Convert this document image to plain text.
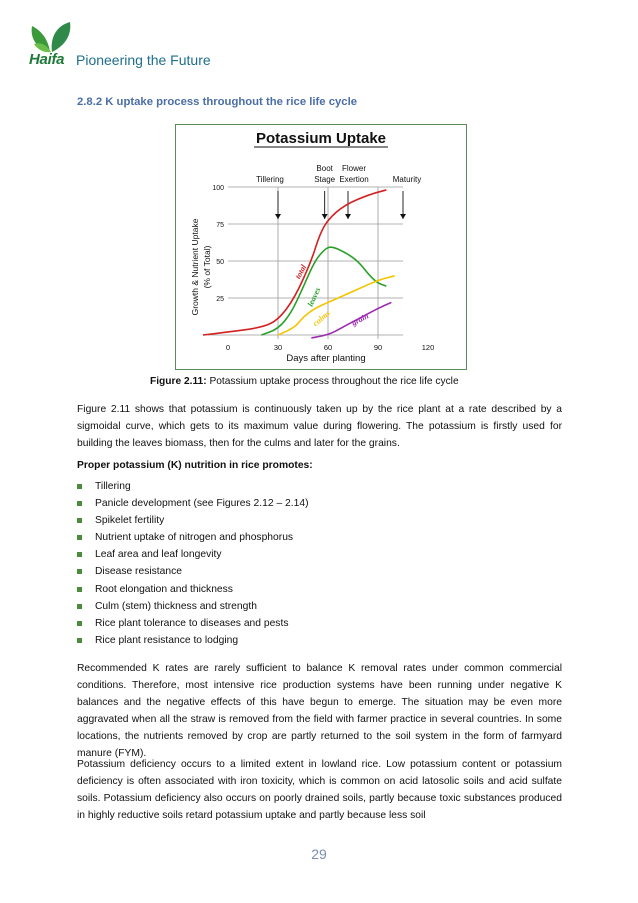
Haifa Pioneering the Future
2.8.2 K uptake process throughout the rice life cycle
Potassium Uptake
Tillering
Boot
Stage
Flower
Exertion	Maturity
total
leaves
culms grain
25
50
75
100
0	30	60	90	120
Days after planting
Growth & Nutrient Uptake (% of Total)
Figure 2.11: Potassium uptake process throughout the rice life cycle
Figure 2.11 shows that potassium is continuously taken up by the rice plant at a rate described by a sigmoidal curve, which gets to its maximum value during flowering. The potassium is firstly used for building the leaves biomass, then for the culms and later for the grains.
Proper potassium (K) nutrition in rice promotes:
Tillering
Panicle development (see Figures 2.12 – 2.14)
Spikelet fertility
Nutrient uptake of nitrogen and phosphorus
Leaf area and leaf longevity
Disease resistance
Root elongation and thickness
Culm (stem) thickness and strength
Rice plant tolerance to diseases and pests
Rice plant resistance to lodging
Recommended K rates are rarely sufficient to balance K removal rates under common commercial conditions. Therefore, most intensive rice production systems have been running under negative K balances and the negative effects of this have begun to emerge. The situation may be even more aggravated when all the straw is removed from the field with farmer practice in several countries. In some locations, the nutrients removed by crop are partly returned to the soil system in the form of farmyard manure (FYM).
Potassium deficiency occurs to a limited extent in lowland rice. Low potassium content or potassium deficiency is often associated with iron toxicity, which is common on acid latosolic soils and acid sulfate soils. Potassium deficiency also occurs on poorly drained soils, partly because toxic substances produced in highly reductive soils retard potassium uptake and partly because less soil
29
